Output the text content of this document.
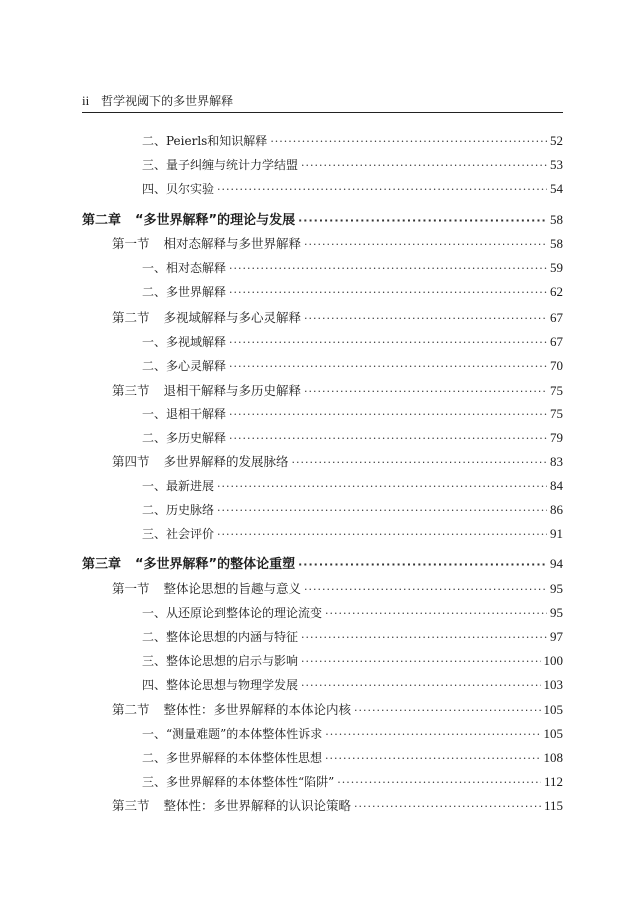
ii 哲学视阈下的多世界解释
二、Peierls和知识解释 ·····	52
三、量子纠缠与统计力学结盟 ·····	53
四、贝尔实验 ·····	54
第二章 “多世界解释”的理论与发展 ·····	58
第一节 相对态解释与多世界解释 ·····	58
一、相对态解释 ·····	59
二、多世界解释 ·····	62
第二节 多视域解释与多心灵解释 ·····	67
一、多视域解释 ·····	67
二、多心灵解释 ·····	70
第三节 退相干解释与多历史解释 ·····	75
一、退相干解释 ·····	75
二、多历史解释 ·····	79
第四节 多世界解释的发展脉络 ·····	83
一、最新进展 ·····	84
二、历史脉络 ·····	86
三、社会评价 ·····	91
第三章 “多世界解释”的整体论重塑 ·····	94
第一节 整体论思想的旨趣与意义 ·····	95
一、从还原论到整体论的理论流变 ·····	95
二、整体论思想的内涵与特征 ·····	97
三、整体论思想的启示与影响 ·····	100
四、整体论思想与物理学发展 ·····	103
第二节 整体性：多世界解释的本体论内核 ·····	105
一、“测量难题”的本体整体性诉求 ·····	105
二、多世界解释的本体整体性思想 ·····	108
三、多世界解释的本体整体性“陷阱” ·····	112
第三节 整体性：多世界解释的认识论策略 ·····	115
